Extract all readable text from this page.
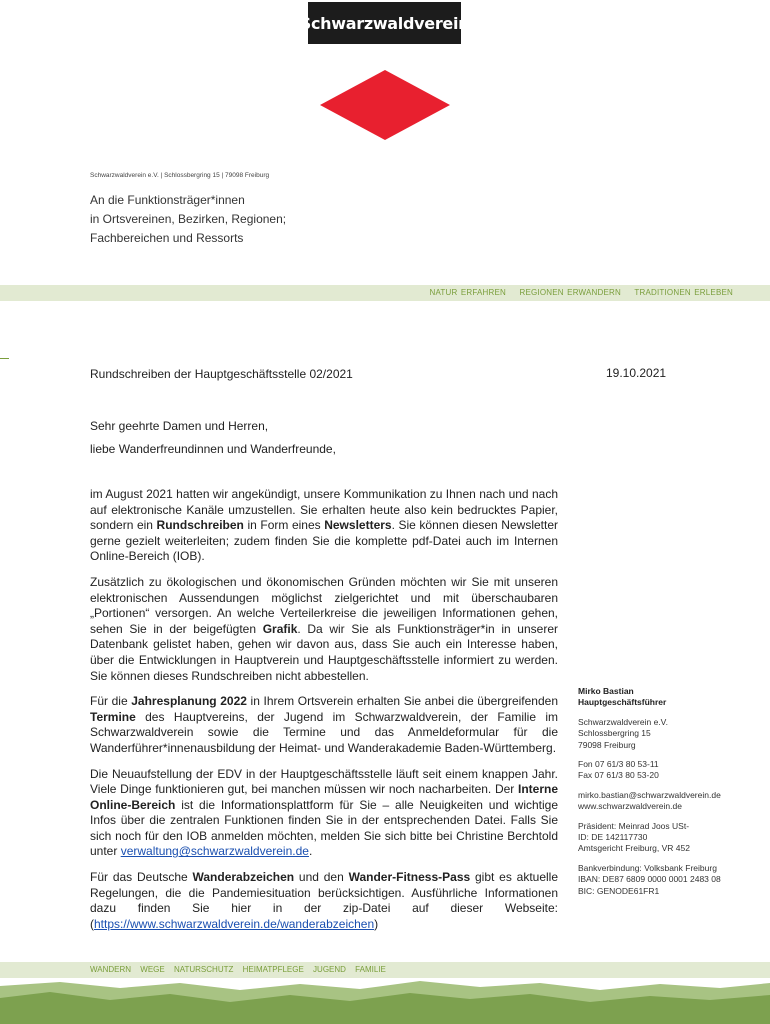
Schwarzwaldverein
Schwarzwaldverein e.V. | Schlossbergring 15 | 79098 Freiburg
An die Funktionsträger*innen
in Ortsvereinen, Bezirken, Regionen;
Fachbereichen und Ressorts
NATUR ERFAHREN REGIONEN ERWANDERN TRADITIONEN ERLEBEN
Rundschreiben der Hauptgeschäftsstelle 02/2021	19.10.2021
Sehr geehrte Damen und Herren,
liebe Wanderfreundinnen und Wanderfreunde,

im August 2021 hatten wir angekündigt, unsere Kommunikation zu Ihnen nach und nach auf elektronische Kanäle umzustellen. Sie erhalten heute also kein bedrucktes Papier, sondern ein Rundschreiben in Form eines Newsletters. Sie können diesen Newsletter gerne gezielt weiterleiten; zudem finden Sie die komplette pdf-Datei auch im Internen Online-Bereich (IOB).

Zusätzlich zu ökologischen und ökonomischen Gründen möchten wir Sie mit unseren elektronischen Aussendungen möglichst zielgerichtet und mit überschaubaren „Portionen“ versorgen. An welche Verteilerkreise die jeweiligen Informationen gehen, sehen Sie in der beigefügten Grafik. Da wir Sie als Funktionsträger*in in unserer Datenbank gelistet haben, gehen wir davon aus, dass Sie auch ein Interesse haben, über die Entwicklungen in Hauptverein und Hauptgeschäftsstelle informiert zu werden. Sie können dieses Rundschreiben nicht abbestellen.

Für die Jahresplanung 2022 in Ihrem Ortsverein erhalten Sie anbei die übergreifenden Termine des Hauptvereins, der Jugend im Schwarzwaldverein, der Familie im Schwarzwaldverein sowie die Termine und das Anmeldeformular für die Wanderführer*innenausbildung der Heimat- und Wanderakademie Baden-Württemberg.

Die Neuaufstellung der EDV in der Hauptgeschäftsstelle läuft seit einem knappen Jahr. Viele Dinge funktionieren gut, bei manchen müssen wir noch nacharbeiten. Der Interne Online-Bereich ist die Informationsplattform für Sie – alle Neuigkeiten und wichtige Infos über die zentralen Funktionen finden Sie in der entsprechenden Datei. Falls Sie sich noch für den IOB anmelden möchten, melden Sie sich bitte bei Christine Berchtold unter verwaltung@schwarzwaldverein.de.

Für das Deutsche Wanderabzeichen und den Wander-Fitness-Pass gibt es aktuelle Regelungen, die die Pandemiesituation berücksichtigen. Ausführliche Informationen dazu finden Sie hier in der zip-Datei auf dieser Webseite: (https://www.schwarzwaldverein.de/wanderabzeichen)

Mirko Bastian
Hauptgeschäftsführer
Schwarzwaldverein e.V.
Schlossbergring 15
79098 Freiburg
Fon 07 61/3 80 53-11
Fax 07 61/3 80 53-20
mirko.bastian@schwarzwaldverein.de
www.schwarzwaldverein.de
Präsident: Meinrad Joos USt-
ID: DE 142117730
Amtsgericht Freiburg, VR 452
Bankverbindung: Volksbank Freiburg
IBAN: DE87 6809 0000 0001 2483 08
BIC: GENODE61FR1
WANDERN WEGE NATURSCHUTZ HEIMATPFLEGE JUGEND FAMILIE
